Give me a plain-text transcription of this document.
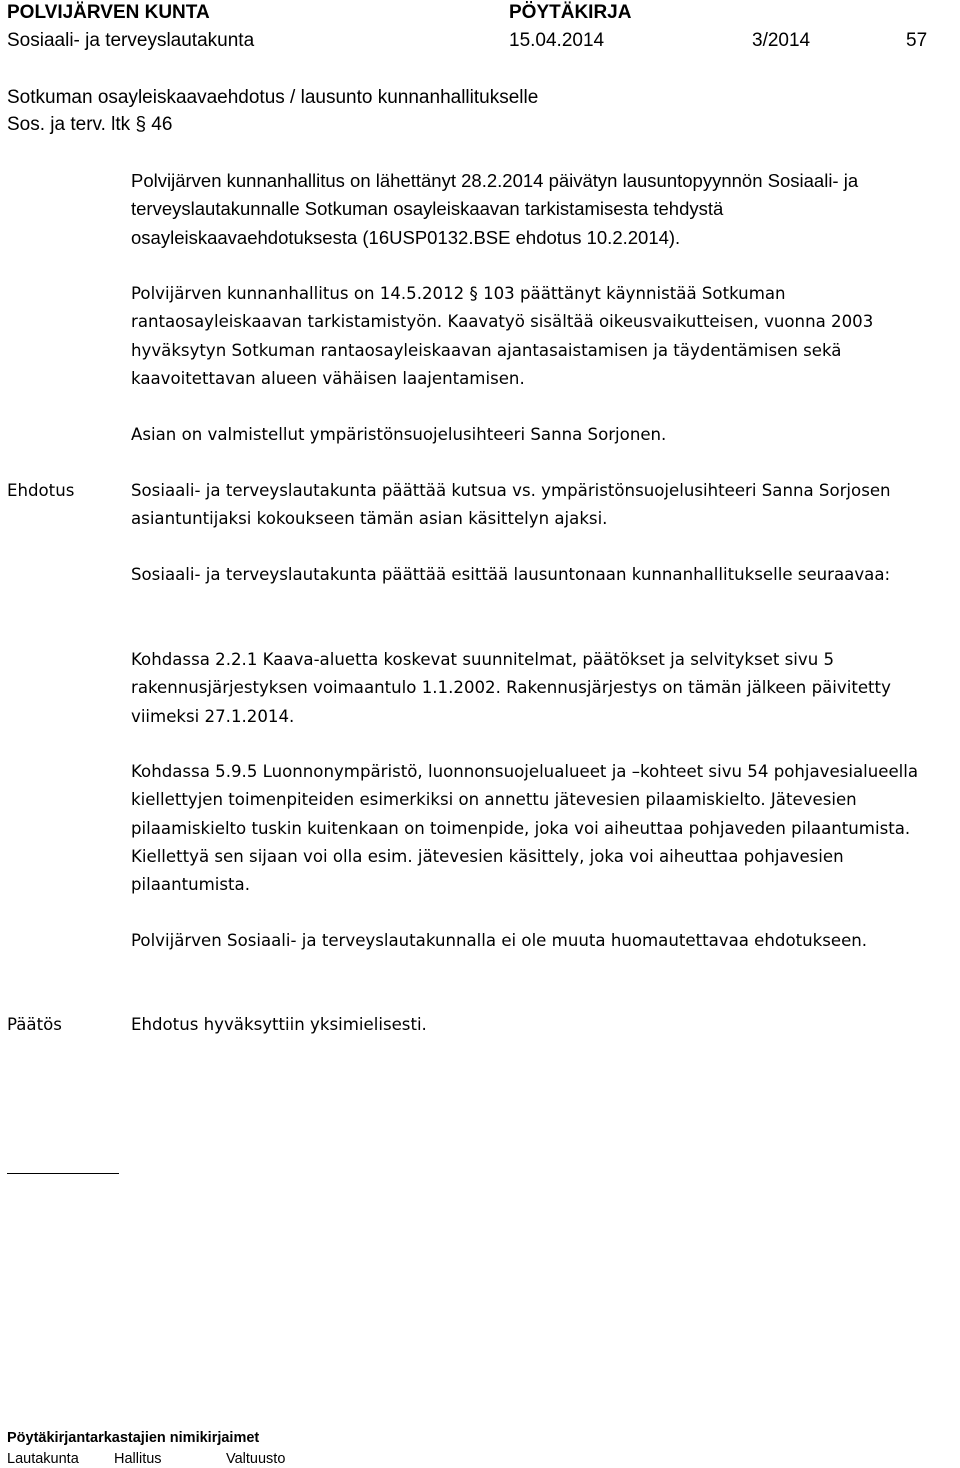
POLVIJÄRVEN KUNTA	PÖYTÄKIRJA
Sosiaali- ja terveyslautakunta	15.04.2014	3/2014	57
Sotkuman osayleiskaavaehdotus / lausunto kunnanhallitukselle
Sos. ja terv. ltk § 46
Polvijärven kunnanhallitus on lähettänyt 28.2.2014 päivätyn lausuntopyynnön Sosiaali- ja terveyslautakunnalle Sotkuman osayleiskaavan tarkistamisesta tehdystä osayleiskaavaehdotuksesta (16USP0132.BSE ehdotus 10.2.2014).
Polvijärven kunnanhallitus on 14.5.2012 § 103 päättänyt käynnistää Sotkuman rantaosayleiskaavan tarkistamistyön. Kaavatyö sisältää oikeusvaikutteisen, vuonna 2003 hyväksytyn Sotkuman rantaosayleiskaavan ajantasaistamisen ja täydentämisen sekä kaavoitettavan alueen vähäisen laajentamisen.
Asian on valmistellut ympäristönsuojelusihteeri Sanna Sorjonen.
Ehdotus	Sosiaali- ja terveyslautakunta päättää kutsua vs. ympäristönsuojelusihteeri Sanna Sorjosen asiantuntijaksi kokoukseen tämän asian käsittelyn ajaksi.
Sosiaali- ja terveyslautakunta päättää esittää lausuntonaan kunnanhallitukselle seuraavaa:
Kohdassa 2.2.1 Kaava-aluetta koskevat suunnitelmat, päätökset ja selvitykset sivu 5 rakennusjärjestyksen voimaantulo 1.1.2002. Rakennusjärjestys on tämän jälkeen päivitetty viimeksi 27.1.2014.
Kohdassa 5.9.5 Luonnonympäristö, luonnonsuojelualueet ja –kohteet sivu 54 pohjavesialueella kiellettyjen toimenpiteiden esimerkiksi on annettu jätevesien pilaamiskielto. Jätevesien pilaamiskielto tuskin kuitenkaan on toimenpide, joka voi aiheuttaa pohjaveden pilaantumista. Kiellettyä sen sijaan voi olla esim. jätevesien käsittely, joka voi aiheuttaa pohjavesien pilaantumista.
Polvijärven Sosiaali- ja terveyslautakunnalla ei ole muuta huomautettavaa ehdotukseen.
Päätös	Ehdotus hyväksyttiin yksimielisesti.
Pöytäkirjantarkastajien nimikirjaimet
Lautakunta Hallitus	Valtuusto
